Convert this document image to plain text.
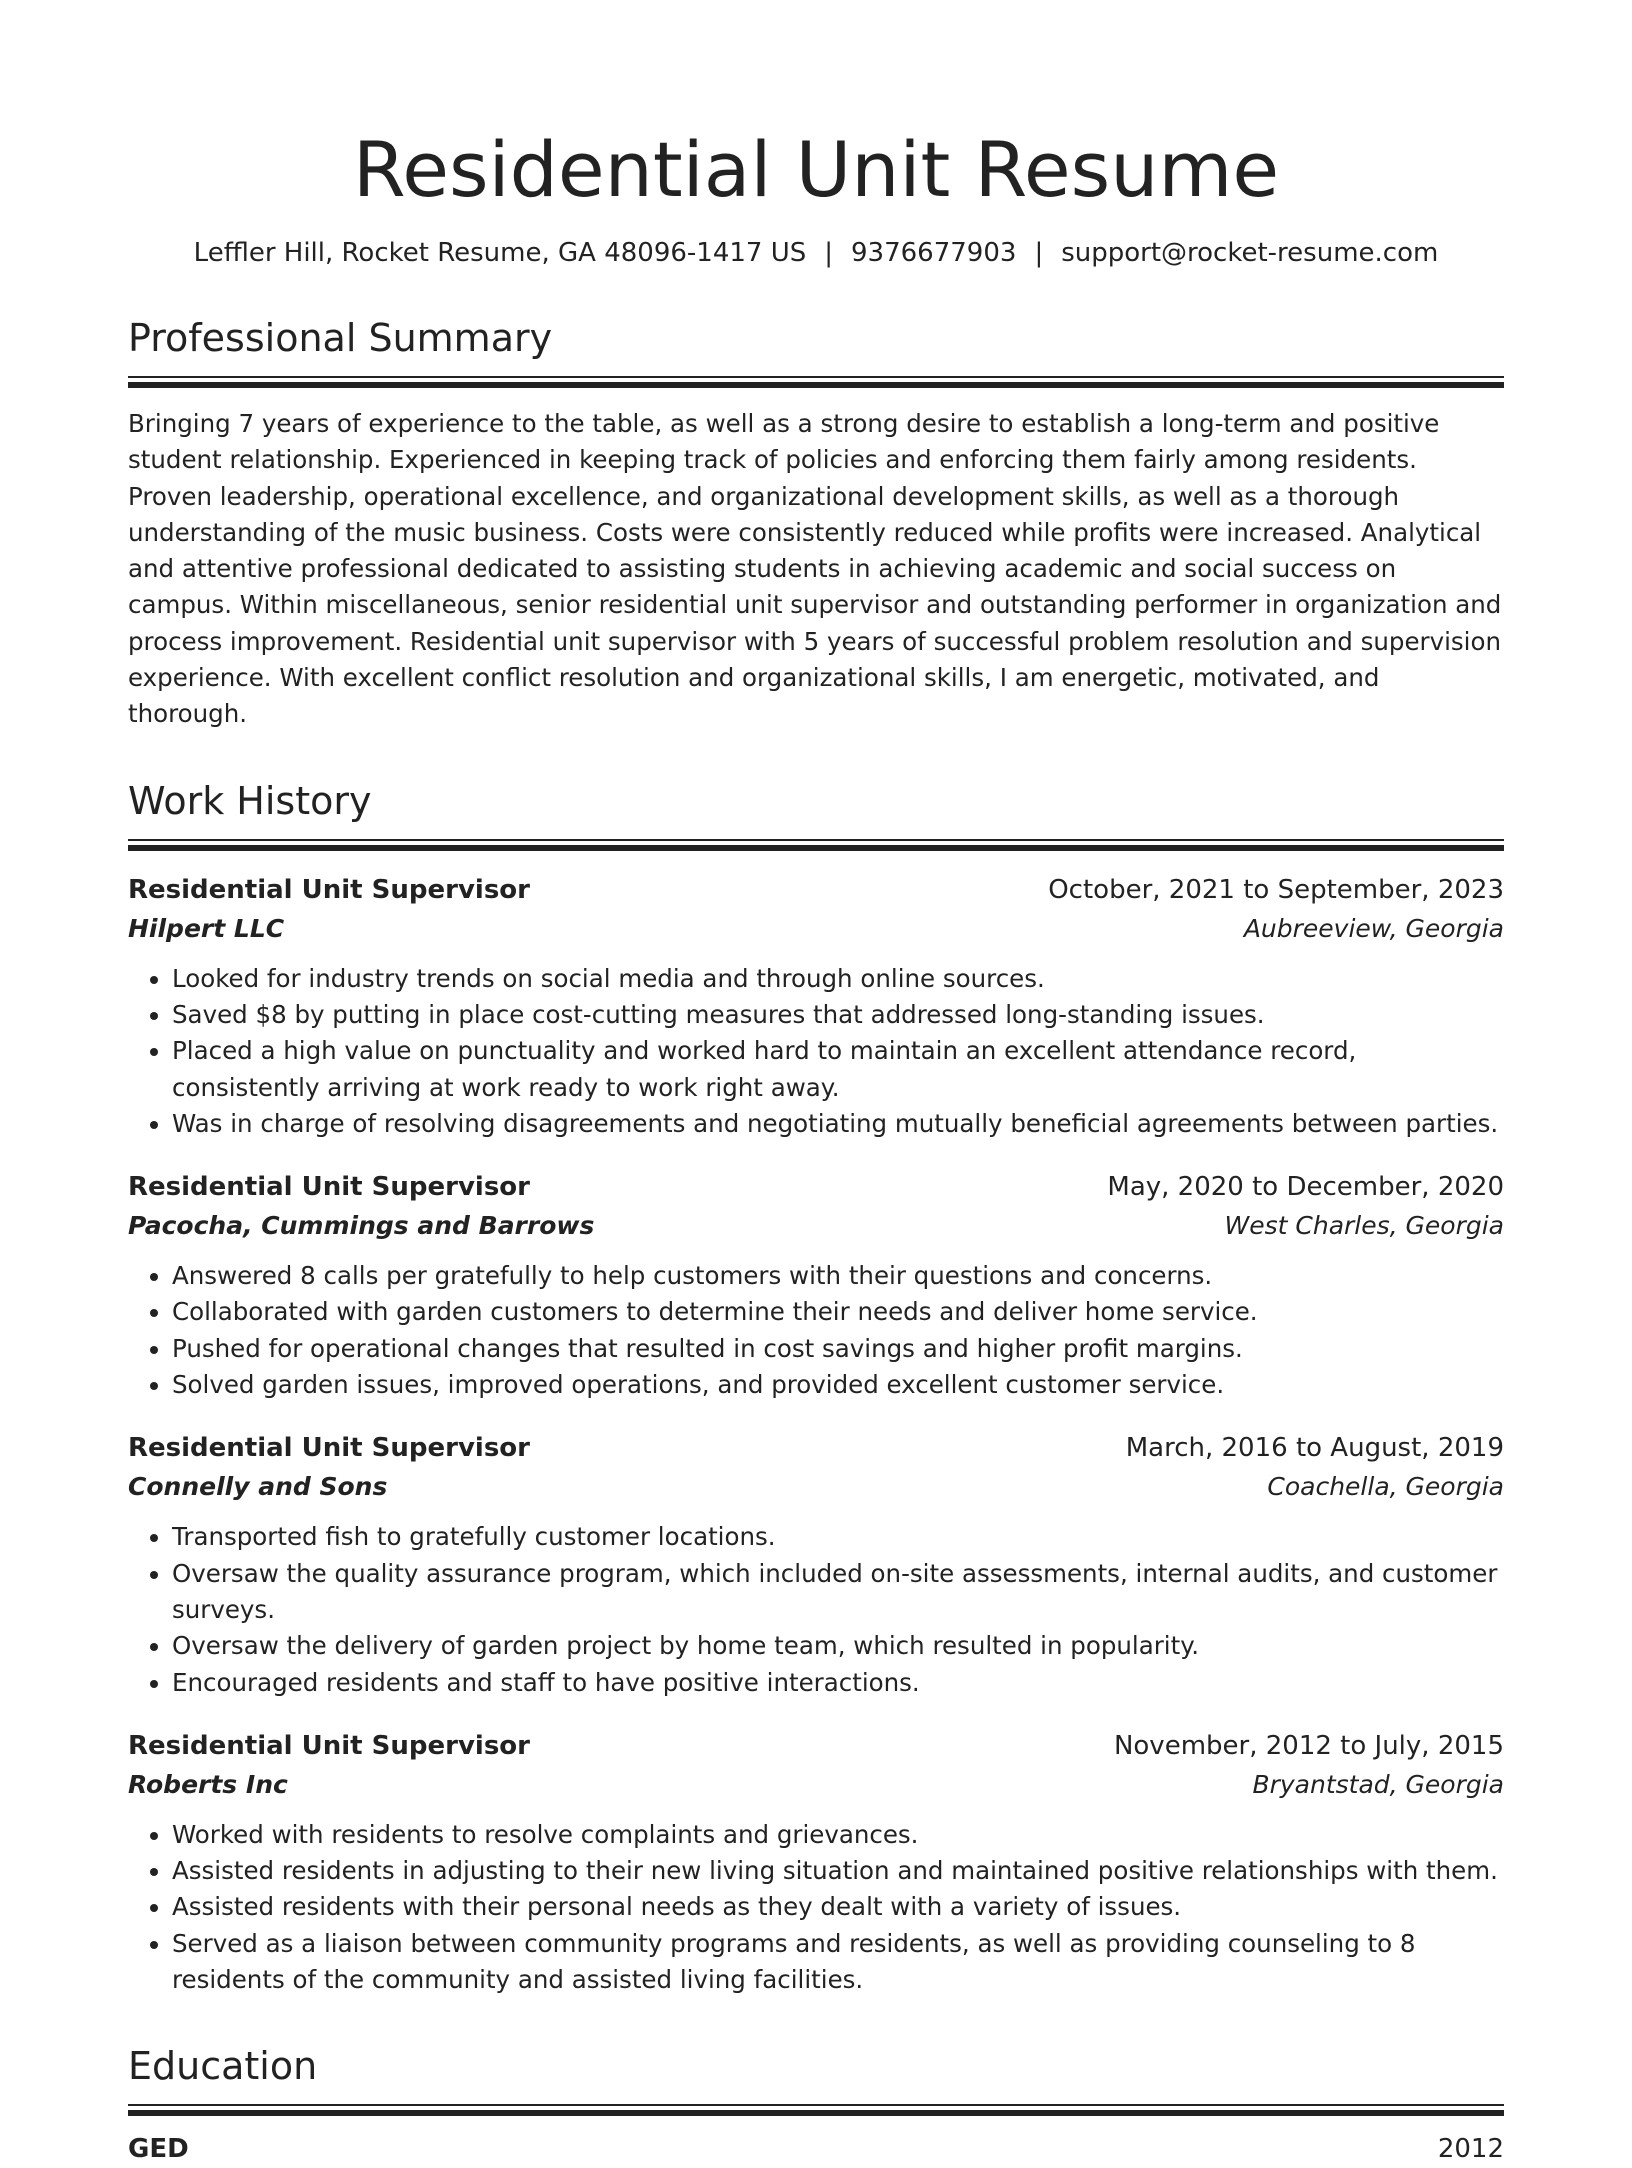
Residential Unit Resume
Leffler Hill, Rocket Resume, GA 48096-1417 US | 9376677903 | support@rocket-resume.com
Professional Summary
Bringing 7 years of experience to the table, as well as a strong desire to establish a long-term and positive student relationship. Experienced in keeping track of policies and enforcing them fairly among residents. Proven leadership, operational excellence, and organizational development skills, as well as a thorough understanding of the music business. Costs were consistently reduced while profits were increased. Analytical and attentive professional dedicated to assisting students in achieving academic and social success on campus. Within miscellaneous, senior residential unit supervisor and outstanding performer in organization and process improvement. Residential unit supervisor with 5 years of successful problem resolution and supervision experience. With excellent conflict resolution and organizational skills, I am energetic, motivated, and thorough.
Work History
Residential Unit Supervisor	October, 2021 to September, 2023
Hilpert LLC	Aubreeview, Georgia
• Looked for industry trends on social media and through online sources.
• Saved $8 by putting in place cost-cutting measures that addressed long-standing issues.
• Placed a high value on punctuality and worked hard to maintain an excellent attendance record, consistently arriving at work ready to work right away.
• Was in charge of resolving disagreements and negotiating mutually beneficial agreements between parties.
Residential Unit Supervisor	May, 2020 to December, 2020
Pacocha, Cummings and Barrows	West Charles, Georgia
• Answered 8 calls per gratefully to help customers with their questions and concerns.
• Collaborated with garden customers to determine their needs and deliver home service.
• Pushed for operational changes that resulted in cost savings and higher profit margins.
• Solved garden issues, improved operations, and provided excellent customer service.
Residential Unit Supervisor	March, 2016 to August, 2019
Connelly and Sons	Coachella, Georgia
• Transported fish to gratefully customer locations.
• Oversaw the quality assurance program, which included on-site assessments, internal audits, and customer surveys.
• Oversaw the delivery of garden project by home team, which resulted in popularity.
• Encouraged residents and staff to have positive interactions.
Residential Unit Supervisor	November, 2012 to July, 2015
Roberts Inc	Bryantstad, Georgia
• Worked with residents to resolve complaints and grievances.
• Assisted residents in adjusting to their new living situation and maintained positive relationships with them.
• Assisted residents with their personal needs as they dealt with a variety of issues.
• Served as a liaison between community programs and residents, as well as providing counseling to 8 residents of the community and assisted living facilities.
Education
GED	2012
